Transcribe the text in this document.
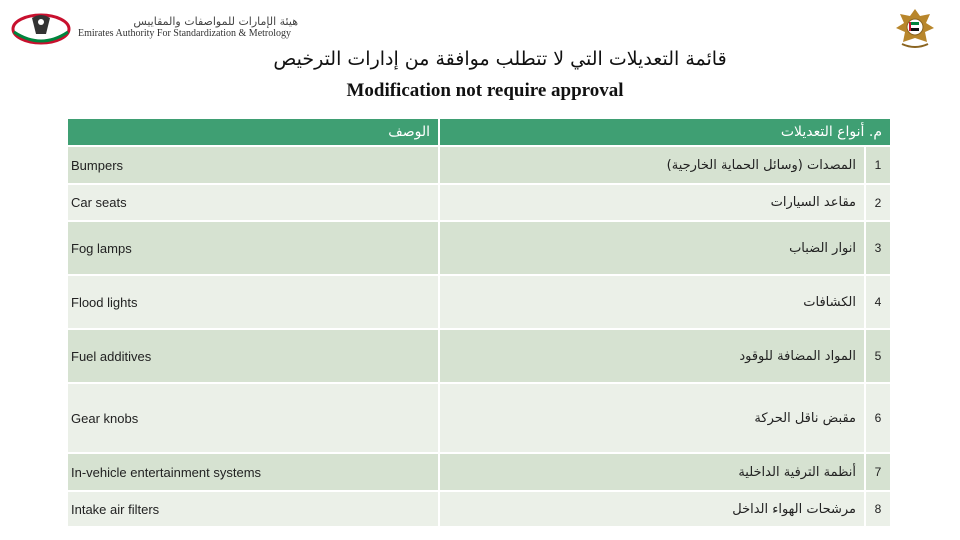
هيئة الإمارات للمواصفات والمقاييس
Emirates Authority For Standardization & Metrology
قائمة التعديلات التي لا تتطلب موافقة من إدارات الترخيص
Modification not require approval
الوصف	م. أنواع التعديلات	
Bumpers	المصدات (وسائل الحماية الخارجية)	1
Car seats	مقاعد السيارات	2
Fog lamps	انوار الضباب	3
Flood lights	الكشافات	4
Fuel additives	المواد المضافة للوقود	5
Gear knobs	مقبض ناقل الحركة	6
In-vehicle entertainment systems	أنظمة الترفية الداخلية	7
Intake air filters	مرشحات الهواء الداخل	8
